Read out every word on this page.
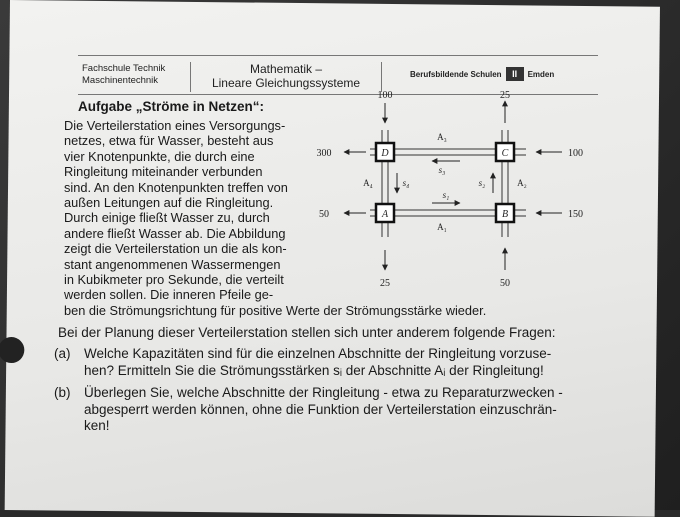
Fachschule Technik
Maschinentechnik
Mathematik –
Lineare Gleichungssysteme
Berufsbildende Schulen	II	Emden
Aufgabe „Ströme in Netzen“:
Die Verteilerstation eines Versorgungs-
netzes, etwa für Wasser, besteht aus
vier Knotenpunkte, die durch eine
Ringleitung miteinander verbunden
sind. An den Knotenpunkten treffen von
außen Leitungen auf die Ringleitung.
Durch einige fließt Wasser zu, durch
andere fließt Wasser ab. Die Abbildung
zeigt die Verteilerstation un die als kon-
stant angenommenen Wassermengen
in Kubikmeter pro Sekunde, die verteilt
werden sollen. Die inneren Pfeile ge-
ben die Strömungsrichtung für positive Werte der Strömungsstärke wieder.
Bei der Planung dieser Verteilerstation stellen sich unter anderem folgende Fragen:
(a) Welche Kapazitäten sind für die einzelnen Abschnitte der Ringleitung vorzuse-
hen? Ermitteln Sie die Strömungsstärken sᵢ der Abschnitte Aᵢ der Ringleitung!
(b) Überlegen Sie, welche Abschnitte der Ringleitung - etwa zu Reparaturzwecken -
abgesperrt werden können, ohne die Funktion der Verteilerstation einzuschrän-
ken!
D	C
A	B
100	25
300	100
50	150
25	50
A₃
A₁
A₄	A₂
s₃
s₁
s₄	s₂
